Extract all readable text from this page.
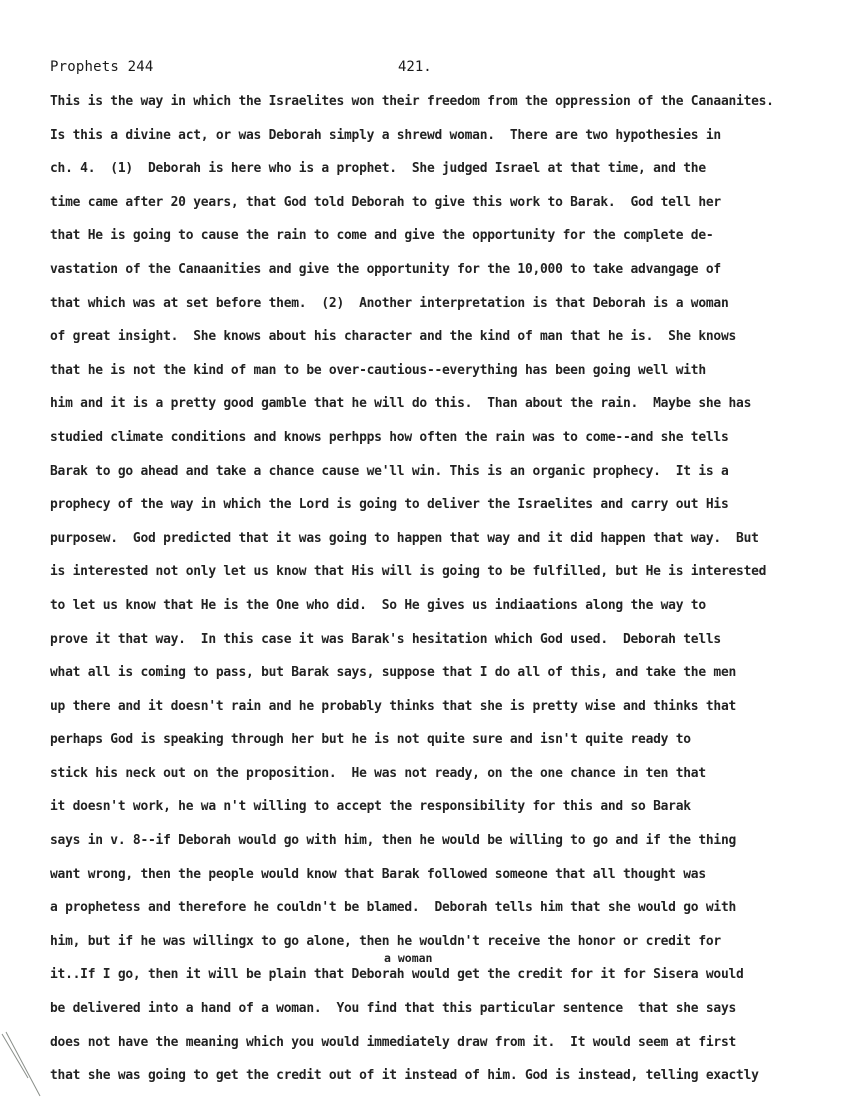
Prophets 244	421.
This is the way in which the Israelites won their freedom from the oppression of the Canaanites.
Is this a divine act, or was Deborah simply a shrewd woman.  There are two hypothesies in
ch. 4.  (1)  Deborah is here who is a prophet.  She judged Israel at that time, and the
time came after 20 years, that God told Deborah to give this work to Barak.  God tell her
that He is going to cause the rain to come and give the opportunity for the complete de-
vastation of the Canaanities and give the opportunity for the 10,000 to take advangage of
that which was at set before them.  (2)  Another interpretation is that Deborah is a woman
of great insight.  She knows about his character and the kind of man that he is.  She knows
that he is not the kind of man to be over-cautious--everything has been going well with
him and it is a pretty good gamble that he will do this.  Than about the rain.  Maybe she has
studied climate conditions and knows perhpps how often the rain was to come--and she tells
Barak to go ahead and take a chance cause we'll win. This is an organic prophecy.  It is a
prophecy of the way in which the Lord is going to deliver the Israelites and carry out His
purposew.  God predicted that it was going to happen that way and it did happen that way.  But
is interested not only let us know that His will is going to be fulfilled, but He is interested
to let us know that He is the One who did.  So He gives us indiaations along the way to
prove it that way.  In this case it was Barak's hesitation which God used.  Deborah tells
what all is coming to pass, but Barak says, suppose that I do all of this, and take the men
up there and it doesn't rain and he probably thinks that she is pretty wise and thinks that
perhaps God is speaking through her but he is not quite sure and isn't quite ready to
stick his neck out on the proposition.  He was not ready, on the one chance in ten that
it doesn't work, he wa n't willing to accept the responsibility for this and so Barak
says in v. 8--if Deborah would go with him, then he would be willing to go and if the thing
want wrong, then the people would know that Barak followed someone that all thought was
a prophetess and therefore he couldn't be blamed.  Deborah tells him that she would go with
him, but if he was willingx to go alone, then he wouldn't receive the honor or credit for
it..If I go, then it will be plain that Deborah would get the credit for it for Sisera would
be delivered into a hand of a woman.  You find that this particular sentence  that she says
does not have the meaning which you would immediately draw from it.  It would seem at first
that she was going to get the credit out of it instead of him. God is instead, telling exactly
a woman
